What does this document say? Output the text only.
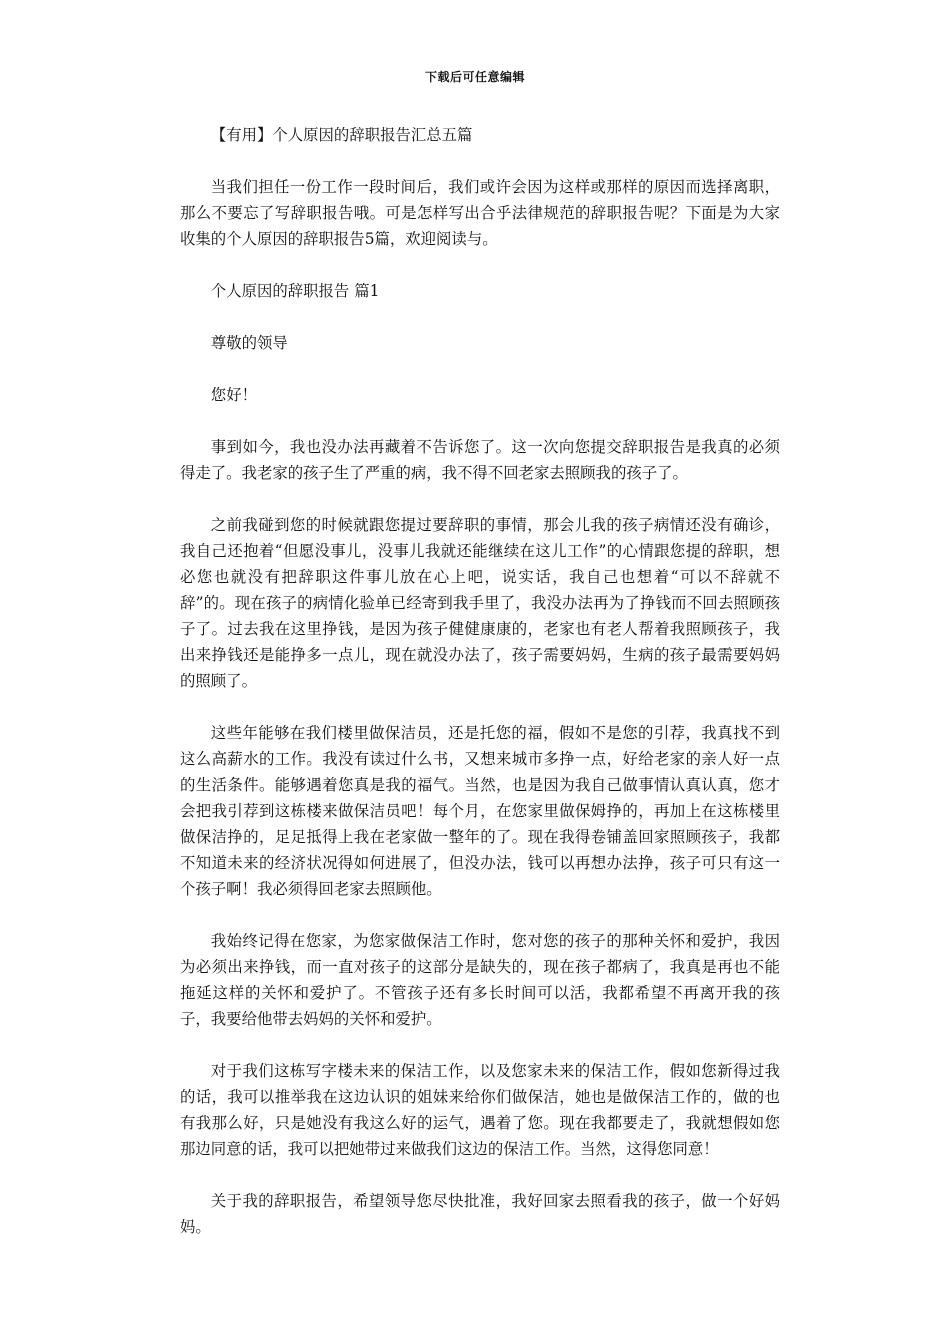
下载后可任意编辑

【有用】个人原因的辞职报告汇总五篇

当我们担任一份工作一段时间后，我们或许会因为这样或那样的原因而选择离职，那么不要忘了写辞职报告哦。可是怎样写出合乎法律规范的辞职报告呢？下面是为大家收集的个人原因的辞职报告5篇，欢迎阅读与。

个人原因的辞职报告 篇1

尊敬的领导

您好！

事到如今，我也没办法再藏着不告诉您了。这一次向您提交辞职报告是我真的必须得走了。我老家的孩子生了严重的病，我不得不回老家去照顾我的孩子了。

之前我碰到您的时候就跟您提过要辞职的事情，那会儿我的孩子病情还没有确诊，我自己还抱着“但愿没事儿，没事儿我就还能继续在这儿工作”的心情跟您提的辞职，想必您也就没有把辞职这件事儿放在心上吧，说实话，我自己也想着“可以不辞就不辞”的。现在孩子的病情化验单已经寄到我手里了，我没办法再为了挣钱而不回去照顾孩子了。过去我在这里挣钱，是因为孩子健健康康的，老家也有老人帮着我照顾孩子，我出来挣钱还是能挣多一点儿，现在就没办法了，孩子需要妈妈，生病的孩子最需要妈妈的照顾了。

这些年能够在我们楼里做保洁员，还是托您的福，假如不是您的引荐，我真找不到这么高薪水的工作。我没有读过什么书，又想来城市多挣一点，好给老家的亲人好一点的生活条件。能够遇着您真是我的福气。当然，也是因为我自己做事情认真认真，您才会把我引荐到这栋楼来做保洁员吧！每个月，在您家里做保姆挣的，再加上在这栋楼里做保洁挣的，足足抵得上我在老家做一整年的了。现在我得卷铺盖回家照顾孩子，我都不知道未来的经济状况得如何进展了，但没办法，钱可以再想办法挣，孩子可只有这一个孩子啊！我必须得回老家去照顾他。

我始终记得在您家，为您家做保洁工作时，您对您的孩子的那种关怀和爱护，我因为必须出来挣钱，而一直对孩子的这部分是缺失的，现在孩子都病了，我真是再也不能拖延这样的关怀和爱护了。不管孩子还有多长时间可以活，我都希望不再离开我的孩子，我要给他带去妈妈的关怀和爱护。

对于我们这栋写字楼未来的保洁工作，以及您家未来的保洁工作，假如您新得过我的话，我可以推举我在这边认识的姐妹来给你们做保洁，她也是做保洁工作的，做的也有我那么好，只是她没有我这么好的运气，遇着了您。现在我都要走了，我就想假如您那边同意的话，我可以把她带过来做我们这边的保洁工作。当然，这得您同意！

关于我的辞职报告，希望领导您尽快批准，我好回家去照看我的孩子，做一个好妈妈。
